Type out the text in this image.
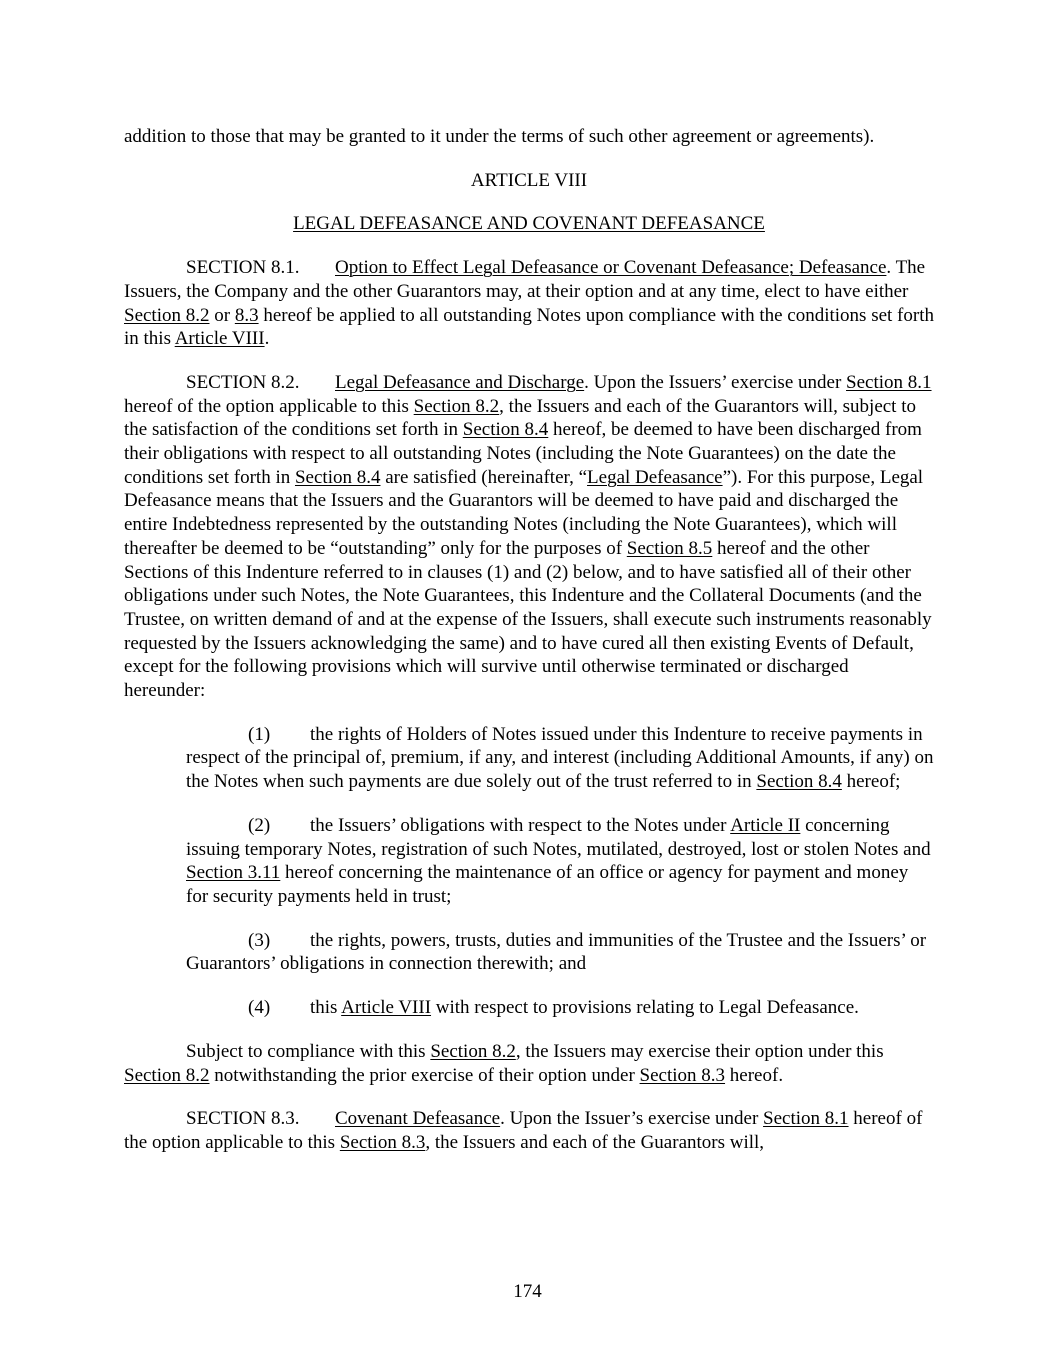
addition to those that may be granted to it under the terms of such other agreement or agreements).

ARTICLE VIII

LEGAL DEFEASANCE AND COVENANT DEFEASANCE

SECTION 8.1. Option to Effect Legal Defeasance or Covenant Defeasance; Defeasance. The Issuers, the Company and the other Guarantors may, at their option and at any time, elect to have either Section 8.2 or 8.3 hereof be applied to all outstanding Notes upon compliance with the conditions set forth in this Article VIII.

SECTION 8.2. Legal Defeasance and Discharge. Upon the Issuers’ exercise under Section 8.1 hereof of the option applicable to this Section 8.2, the Issuers and each of the Guarantors will, subject to the satisfaction of the conditions set forth in Section 8.4 hereof, be deemed to have been discharged from their obligations with respect to all outstanding Notes (including the Note Guarantees) on the date the conditions set forth in Section 8.4 are satisfied (hereinafter, “Legal Defeasance”). For this purpose, Legal Defeasance means that the Issuers and the Guarantors will be deemed to have paid and discharged the entire Indebtedness represented by the outstanding Notes (including the Note Guarantees), which will thereafter be deemed to be “outstanding” only for the purposes of Section 8.5 hereof and the other Sections of this Indenture referred to in clauses (1) and (2) below, and to have satisfied all of their other obligations under such Notes, the Note Guarantees, this Indenture and the Collateral Documents (and the Trustee, on written demand of and at the expense of the Issuers, shall execute such instruments reasonably requested by the Issuers acknowledging the same) and to have cured all then existing Events of Default, except for the following provisions which will survive until otherwise terminated or discharged hereunder:

(1) the rights of Holders of Notes issued under this Indenture to receive payments in respect of the principal of, premium, if any, and interest (including Additional Amounts, if any) on the Notes when such payments are due solely out of the trust referred to in Section 8.4 hereof;

(2) the Issuers’ obligations with respect to the Notes under Article II concerning issuing temporary Notes, registration of such Notes, mutilated, destroyed, lost or stolen Notes and Section 3.11 hereof concerning the maintenance of an office or agency for payment and money for security payments held in trust;

(3) the rights, powers, trusts, duties and immunities of the Trustee and the Issuers’ or Guarantors’ obligations in connection therewith; and

(4) this Article VIII with respect to provisions relating to Legal Defeasance.

Subject to compliance with this Section 8.2, the Issuers may exercise their option under this Section 8.2 notwithstanding the prior exercise of their option under Section 8.3 hereof.

SECTION 8.3. Covenant Defeasance. Upon the Issuer’s exercise under Section 8.1 hereof of the option applicable to this Section 8.3, the Issuers and each of the Guarantors will,

174
